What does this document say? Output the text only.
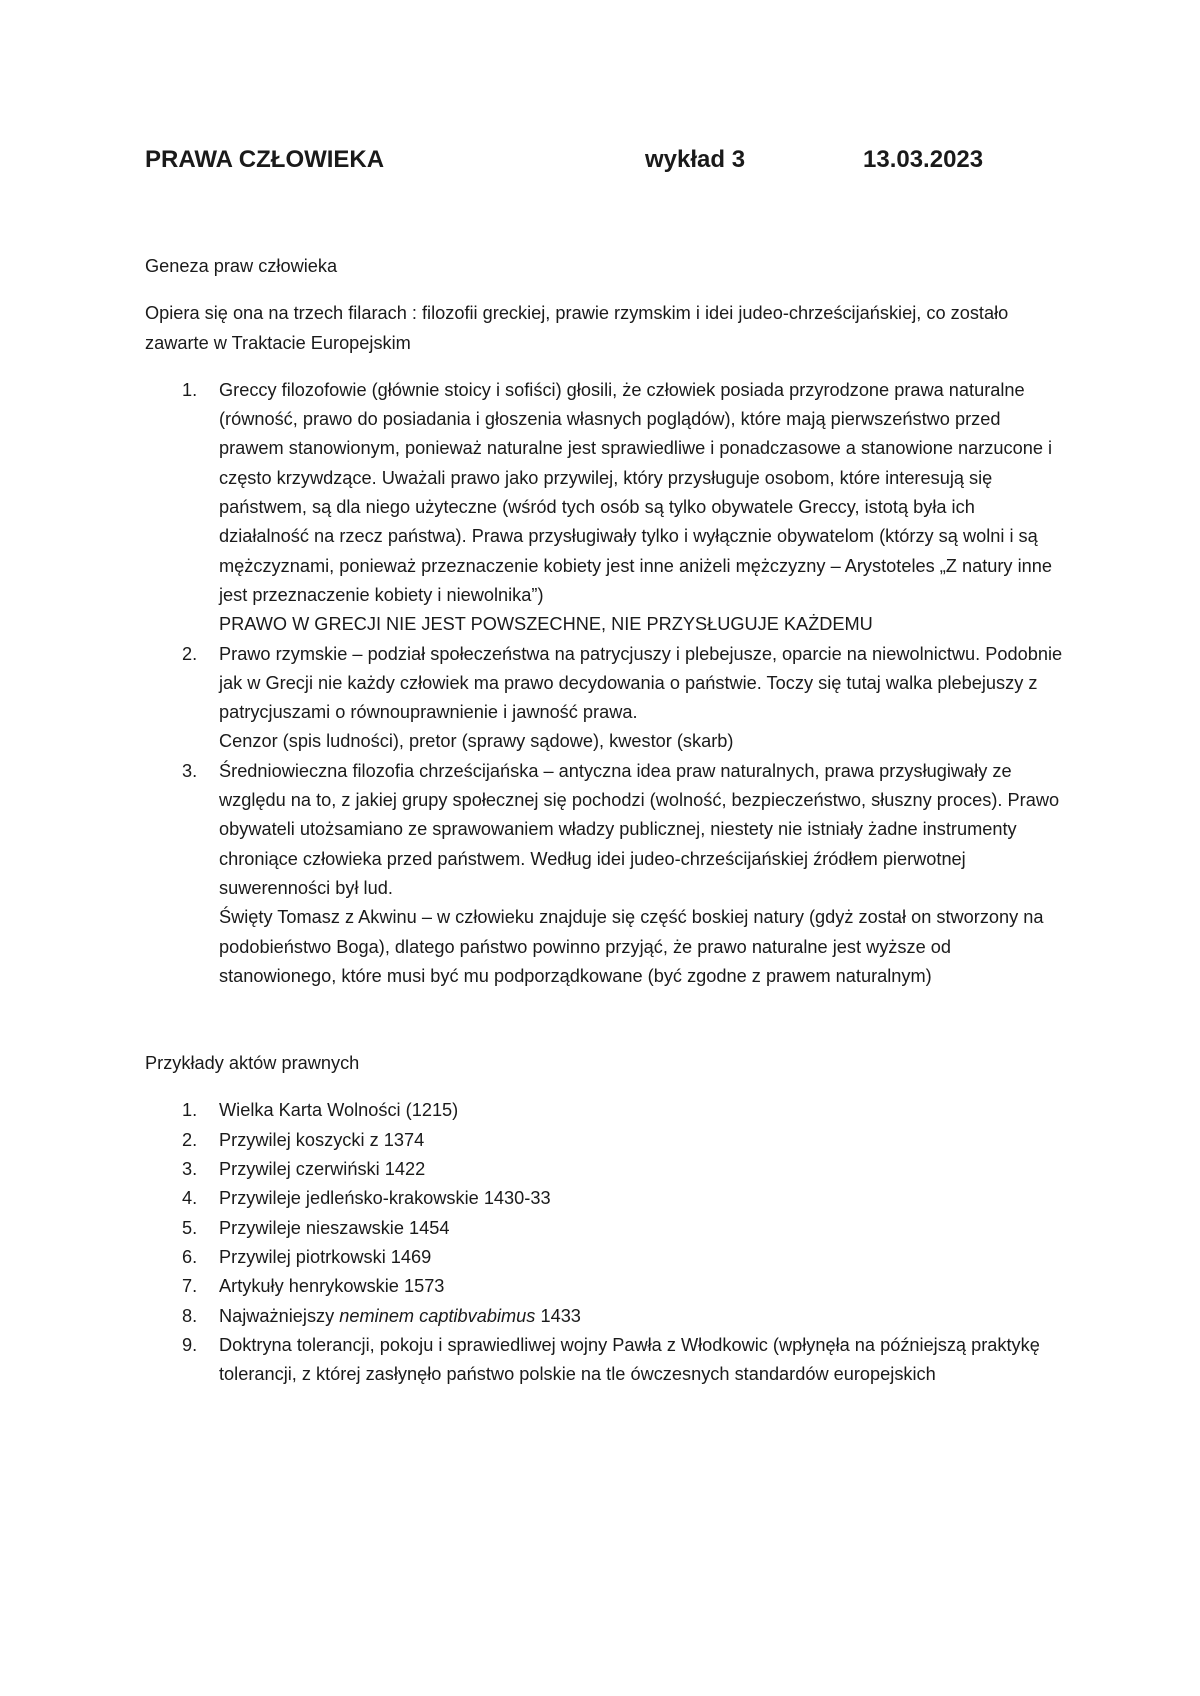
PRAWA CZŁOWIEKA	wykład 3	13.03.2023

Geneza praw człowieka

Opiera się ona na trzech filarach : filozofii greckiej, prawie rzymskim i idei judeo-chrześcijańskiej, co zostało zawarte w Traktacie Europejskim

1. Greccy filozofowie (głównie stoicy i sofiści) głosili, że człowiek posiada przyrodzone prawa naturalne (równość, prawo do posiadania i głoszenia własnych poglądów), które mają pierwszeństwo przed prawem stanowionym, ponieważ naturalne jest sprawiedliwe i ponadczasowe a stanowione narzucone i często krzywdzące. Uważali prawo jako przywilej, który przysługuje osobom, które interesują się państwem, są dla niego użyteczne (wśród tych osób są tylko obywatele Greccy, istotą była ich działalność na rzecz państwa). Prawa przysługiwały tylko i wyłącznie obywatelom (którzy są wolni i są mężczyznami, ponieważ przeznaczenie kobiety jest inne aniżeli mężczyzny – Arystoteles „Z natury inne jest przeznaczenie kobiety i niewolnika”)
PRAWO W GRECJI NIE JEST POWSZECHNE, NIE PRZYSŁUGUJE KAŻDEMU
2. Prawo rzymskie – podział społeczeństwa na patrycjuszy i plebejusze, oparcie na niewolnictwu. Podobnie jak w Grecji nie każdy człowiek ma prawo decydowania o państwie. Toczy się tutaj walka plebejuszy z patrycjuszami o równouprawnienie i jawność prawa.
Cenzor (spis ludności), pretor (sprawy sądowe), kwestor (skarb)
3. Średniowieczna filozofia chrześcijańska – antyczna idea praw naturalnych, prawa przysługiwały ze względu na to, z jakiej grupy społecznej się pochodzi (wolność, bezpieczeństwo, słuszny proces). Prawo obywateli utożsamiano ze sprawowaniem władzy publicznej, niestety nie istniały żadne instrumenty chroniące człowieka przed państwem. Według idei judeo-chrześcijańskiej źródłem pierwotnej suwerenności był lud.
Święty Tomasz z Akwinu – w człowieku znajduje się część boskiej natury (gdyż został on stworzony na podobieństwo Boga), dlatego państwo powinno przyjąć, że prawo naturalne jest wyższe od stanowionego, które musi być mu podporządkowane (być zgodne z prawem naturalnym)

Przykłady aktów prawnych

1. Wielka Karta Wolności (1215)
2. Przywilej koszycki z 1374
3. Przywilej czerwiński 1422
4. Przywileje jedleńsko-krakowskie 1430-33
5. Przywileje nieszawskie 1454
6. Przywilej piotrkowski 1469
7. Artykuły henrykowskie 1573
8. Najważniejszy neminem captibvabimus 1433
9. Doktryna tolerancji, pokoju i sprawiedliwej wojny Pawła z Włodkowic (wpłynęła na późniejszą praktykę tolerancji, z której zasłynęło państwo polskie na tle ówczesnych standardów europejskich
